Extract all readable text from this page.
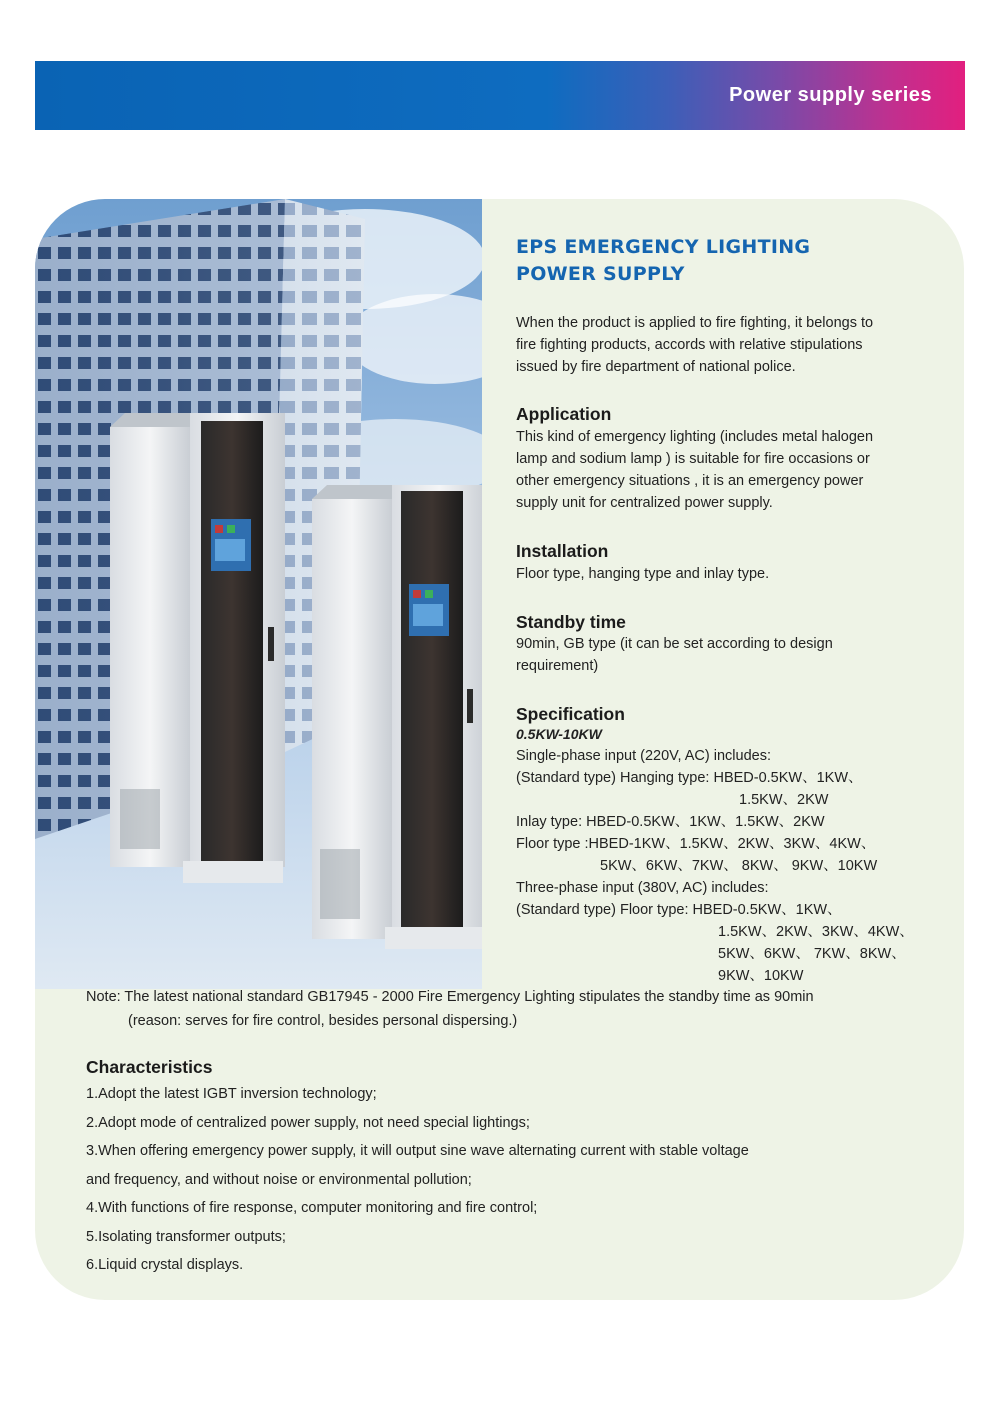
Power supply series
EPS EMERGENCY LIGHTING
POWER SUPPLY
When the product is applied to fire fighting, it belongs to
fire fighting products, accords with relative stipulations
issued by fire department of national police.
Application
This kind of emergency lighting (includes metal halogen
lamp and sodium lamp ) is suitable for fire occasions or
other emergency situations , it is an emergency power
supply unit for centralized power supply.
Installation
Floor type, hanging type and inlay type.
Standby time
90min, GB type (it can be set according to design
requirement)
Specification
0.5KW-10KW
Single-phase input (220V, AC) includes:
(Standard type) Hanging type: HBED-0.5KW、1KW、
1.5KW、2KW
Inlay type: HBED-0.5KW、1KW、1.5KW、2KW
Floor type :HBED-1KW、1.5KW、2KW、3KW、4KW、
5KW、6KW、7KW、 8KW、 9KW、10KW
Three-phase input (380V, AC) includes:
(Standard type) Floor type: HBED-0.5KW、1KW、
1.5KW、2KW、3KW、4KW、
5KW、6KW、 7KW、8KW、
9KW、10KW
Note: The latest national standard GB17945 - 2000 Fire Emergency Lighting stipulates the standby time as 90min
(reason: serves for fire control, besides personal dispersing.)
Characteristics
1.Adopt the latest IGBT inversion technology;
2.Adopt mode of centralized power supply, not need special lightings;
3.When offering emergency power supply, it will output sine wave alternating current with stable voltage
and frequency, and without noise or environmental pollution;
4.With functions of fire response, computer monitoring and fire control;
5.Isolating transformer outputs;
6.Liquid crystal displays.
